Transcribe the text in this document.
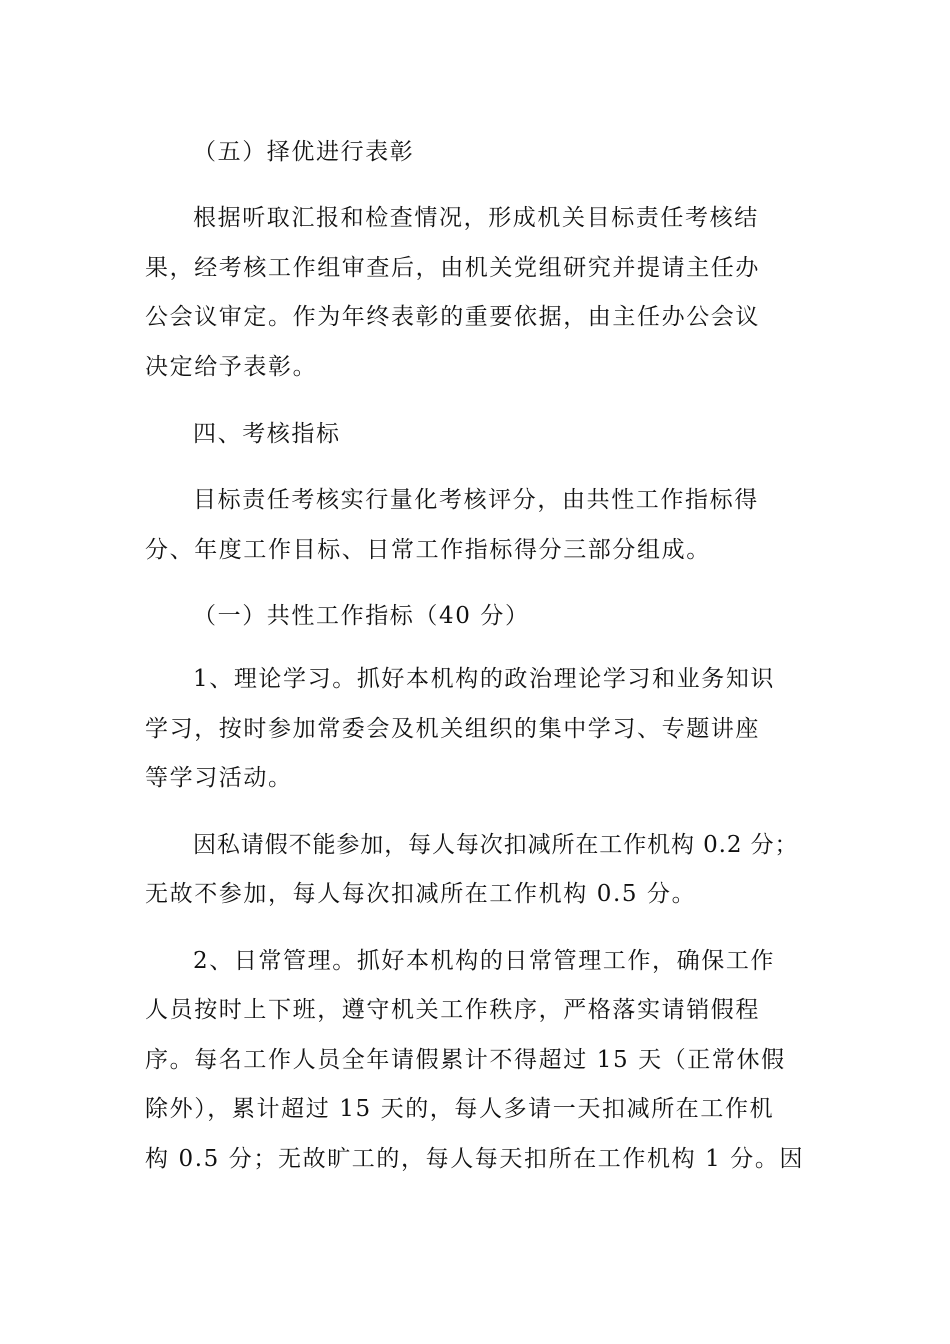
（五）择优进行表彰
根据听取汇报和检查情况，形成机关目标责任考核结
果，经考核工作组审查后，由机关党组研究并提请主任办
公会议审定。作为年终表彰的重要依据，由主任办公会议
决定给予表彰。
四、考核指标
目标责任考核实行量化考核评分，由共性工作指标得
分、年度工作目标、日常工作指标得分三部分组成。
（一）共性工作指标（40 分）
1、理论学习。抓好本机构的政治理论学习和业务知识
学习，按时参加常委会及机关组织的集中学习、专题讲座
等学习活动。
因私请假不能参加，每人每次扣减所在工作机构 0.2 分；
无故不参加，每人每次扣减所在工作机构 0.5 分。
2、日常管理。抓好本机构的日常管理工作，确保工作
人员按时上下班，遵守机关工作秩序，严格落实请销假程
序。每名工作人员全年请假累计不得超过 15 天（正常休假
除外），累计超过 15 天的，每人多请一天扣减所在工作机
构 0.5 分；无故旷工的，每人每天扣所在工作机构 1 分。因
